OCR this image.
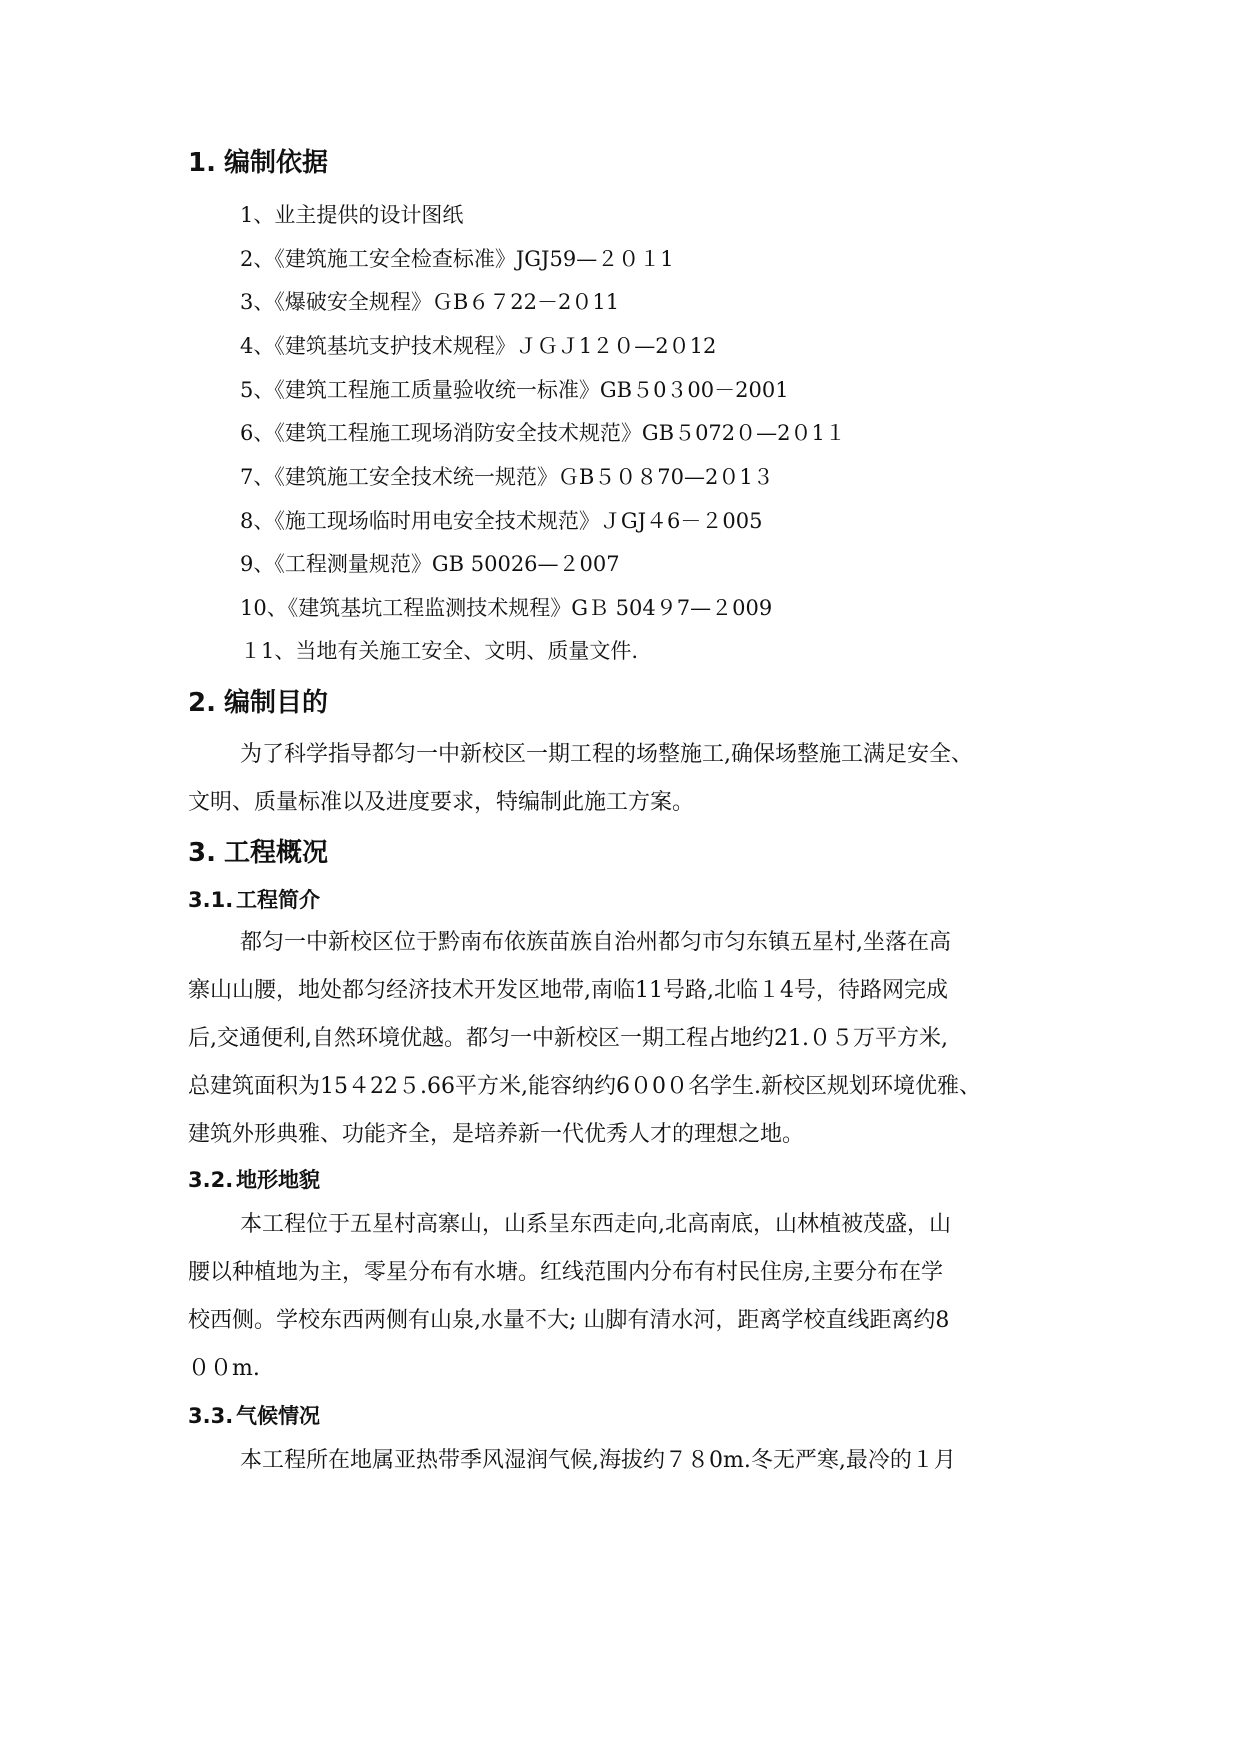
1. 编制依据
1、业主提供的设计图纸
2、《建筑施工安全检查标准》JGJ59—２０１1
3、《爆破安全规程》ＧB６７22－2０11
4、《建筑基坑支护技术规程》ＪＧＪ1２０—2０12
5、《建筑工程施工质量验收统一标准》GB５0３00－2001
6、《建筑工程施工现场消防安全技术规范》GB５072０—2０1１
7、《建筑施工安全技术统一规范》ＧB５０８70—2０1３
8、《施工现场临时用电安全技术规范》ＪGJ４6－２005
9、《工程测量规范》GB 50026—２007
10、《建筑基坑工程监测技术规程》GＢ 504９7—２009
１1、当地有关施工安全、文明、质量文件.
2. 编制目的
为了科学指导都匀一中新校区一期工程的场整施工,确保场整施工满足安全、
文明、质量标准以及进度要求，特编制此施工方案。
3. 工程概况
3.1. 工程简介
都匀一中新校区位于黔南布依族苗族自治州都匀市匀东镇五星村,坐落在高
寨山山腰，地处都匀经济技术开发区地带,南临11号路,北临１4号，待路网完成
后,交通便利,自然环境优越。都匀一中新校区一期工程占地约21.０５万平方米,
总建筑面积为15４22５.66平方米,能容纳约6０0０名学生.新校区规划环境优雅、
建筑外形典雅、功能齐全，是培养新一代优秀人才的理想之地。
3.2. 地形地貌
本工程位于五星村高寨山，山系呈东西走向,北高南底，山林植被茂盛，山
腰以种植地为主，零星分布有水塘。红线范围内分布有村民住房,主要分布在学
校西侧。学校东西两侧有山泉,水量不大; 山脚有清水河，距离学校直线距离约8
００m.
3.3. 气候情况
本工程所在地属亚热带季风湿润气候,海拔约７８0m.冬无严寒,最冷的１月
